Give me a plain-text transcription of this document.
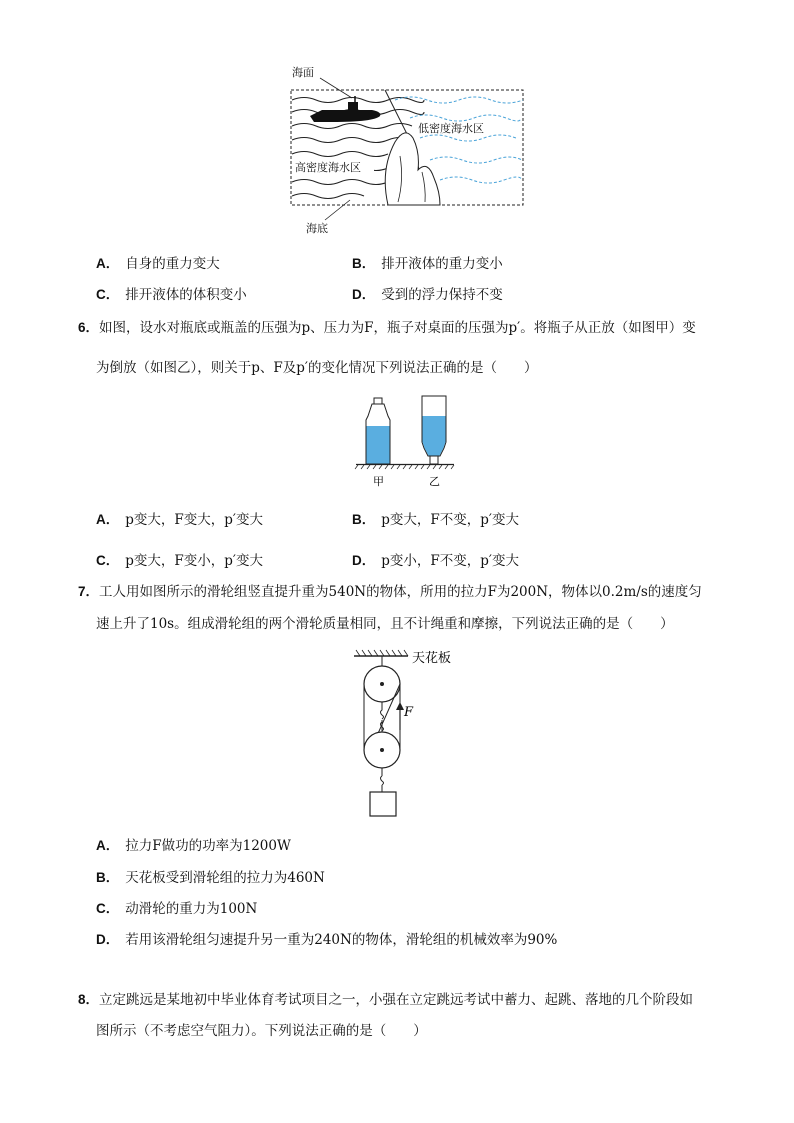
海面
海底
低密度海水区
高密度海水区
A． 自身的重力变大	B． 排开液体的重力变小
C． 排开液体的体积变小	D． 受到的浮力保持不变
6．如图，设水对瓶底或瓶盖的压强为p、压力为F，瓶子对桌面的压强为p′。将瓶子从正放（如图甲）变
为倒放（如图乙），则关于p、F及p′的变化情况下列说法正确的是（　　）
甲	乙
A． p变大，F变大，p′变大	B． p变大，F不变，p′变大
C． p变大，F变小，p′变大	D． p变小，F不变，p′变大
7．工人用如图所示的滑轮组竖直提升重为540N的物体，所用的拉力F为200N，物体以0.2m/s的速度匀
速上升了10s。组成滑轮组的两个滑轮质量相同，且不计绳重和摩擦，下列说法正确的是（　　）
天花板
F
A． 拉力F做功的功率为1200W
B． 天花板受到滑轮组的拉力为460N
C． 动滑轮的重力为100N
D． 若用该滑轮组匀速提升另一重为240N的物体，滑轮组的机械效率为90%
8．立定跳远是某地初中毕业体育考试项目之一，小强在立定跳远考试中蓄力、起跳、落地的几个阶段如
图所示（不考虑空气阻力）。下列说法正确的是（　　）
